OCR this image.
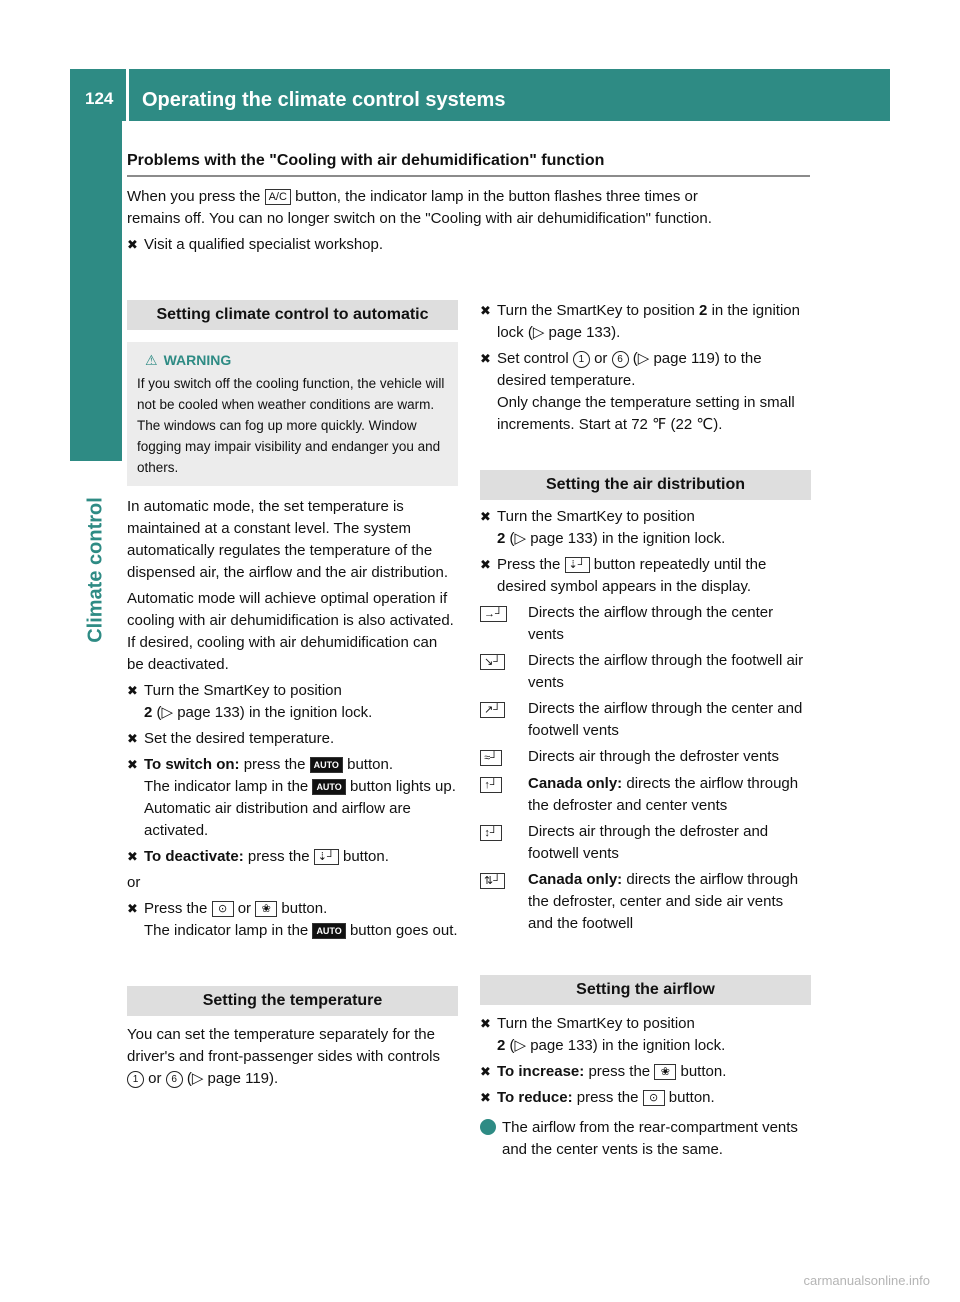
124 Operating the climate control systems
Climate control
Problems with the "Cooling with air dehumidification" function

When you press the A/C button, the indicator lamp in the button flashes three times or
remains off. You can no longer switch on the "Cooling with air dehumidification" function.

✖ Visit a qualified specialist workshop.

Setting climate control to automatic
⚠ WARNING
If you switch off the cooling function, the vehicle will not be cooled when weather conditions are warm. The windows can fog up more quickly. Window fogging may impair visibility and endanger you and others.

In automatic mode, the set temperature is maintained at a constant level. The system automatically regulates the temperature of the dispensed air, the airflow and the air distribution.

Automatic mode will achieve optimal operation if cooling with air dehumidification is also activated. If desired, cooling with air dehumidification can be deactivated.

✖ Turn the SmartKey to position
2 (▷ page 133) in the ignition lock.

✖ Set the desired temperature.

✖ To switch on: press the AUTO button.
The indicator lamp in the AUTO button lights up. Automatic air distribution and airflow are activated.

✖ To deactivate: press the ⇣┘ button.

or

✖ Press the ⊙ or ❀ button.
The indicator lamp in the AUTO button goes out.

Setting the temperature

You can set the temperature separately for the driver's and front-passenger sides with controls 1 or 6 (▷ page 119).

✖ Turn the SmartKey to position 2 in the ignition lock (▷ page 133).

✖ Set control 1 or 6 (▷ page 119) to the desired temperature.
Only change the temperature setting in small increments. Start at 72 ℉ (22 ℃).

Setting the air distribution

✖ Turn the SmartKey to position
2 (▷ page 133) in the ignition lock.

✖ Press the ⇣┘ button repeatedly until the desired symbol appears in the display.

→┘	Directs the airflow through the center vents
↘┘	Directs the airflow through the footwell air vents
↗┘	Directs the airflow through the center and footwell vents
≈┘	Directs air through the defroster vents
↑┘	Canada only: directs the airflow through the defroster and center vents
↕┘	Directs air through the defroster and footwell vents
⇅┘	Canada only: directs the airflow through the defroster, center and side air vents and the footwell
Setting the airflow

✖ Turn the SmartKey to position
2 (▷ page 133) in the ignition lock.

✖ To increase: press the ❀ button.

✖ To reduce: press the ⊙ button.

i The airflow from the rear-compartment vents and the center vents is the same.

carmanualsonline.info
